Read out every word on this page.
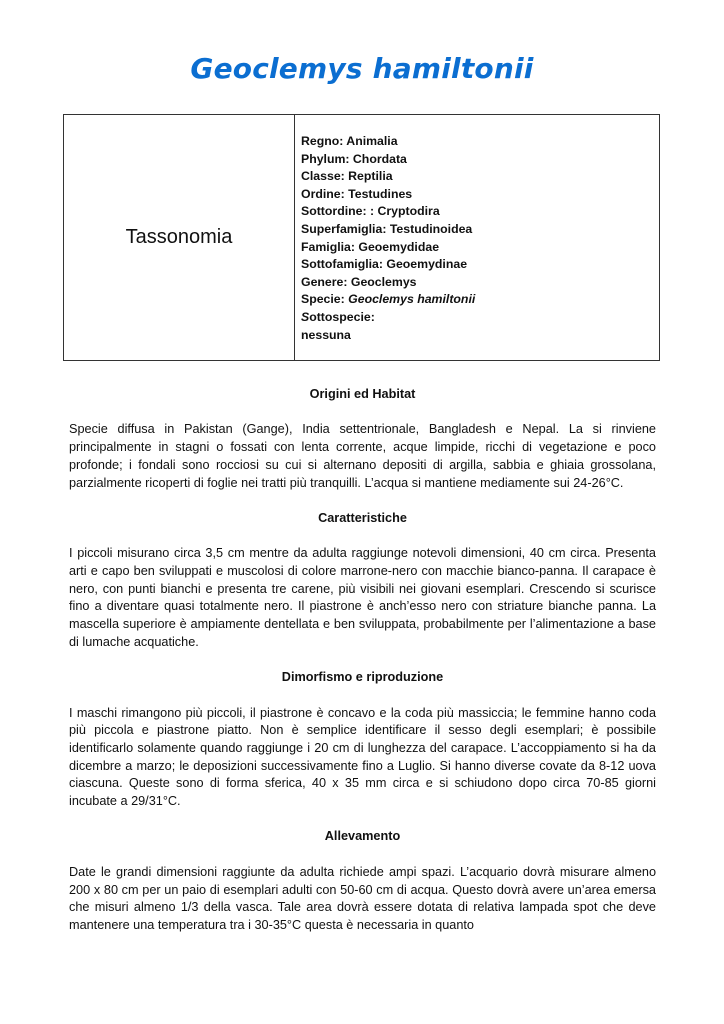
Geoclemys hamiltonii
Tassonomia
Regno: Animalia
Phylum: Chordata
Classe: Reptilia
Ordine: Testudines
Sottordine: : Cryptodira
Superfamiglia: Testudinoidea
Famiglia: Geoemydidae
Sottofamiglia: Geoemydinae
Genere: Geoclemys
Specie: Geoclemys hamiltonii
Sottospecie:
nessuna
Origini ed Habitat

Specie diffusa in Pakistan (Gange), India settentrionale, Bangladesh e Nepal. La si rinviene principalmente in stagni o fossati con lenta corrente, acque limpide, ricchi di vegetazione e poco profonde; i fondali sono rocciosi su cui si alternano depositi di argilla, sabbia e ghiaia grossolana, parzialmente ricoperti di foglie nei tratti più tranquilli. L’acqua si mantiene mediamente sui 24-26°C.

Caratteristiche

I piccoli misurano circa 3,5 cm mentre da adulta raggiunge notevoli dimensioni, 40 cm circa. Presenta arti e capo ben sviluppati e muscolosi di colore marrone-nero con macchie bianco-panna. Il carapace è nero, con punti bianchi e presenta tre carene, più visibili nei giovani esemplari. Crescendo si scurisce fino a diventare quasi totalmente nero. Il piastrone è anch’esso nero con striature bianche panna. La mascella superiore è ampiamente dentellata e ben sviluppata, probabilmente per l’alimentazione a base di lumache acquatiche.

Dimorfismo e riproduzione

I maschi rimangono più piccoli, il piastrone è concavo e la coda più massiccia; le femmine hanno coda più piccola e piastrone piatto. Non è semplice identificare il sesso degli esemplari; è possibile identificarlo solamente quando raggiunge i 20 cm di lunghezza del carapace. L’accoppiamento si ha da dicembre a marzo; le deposizioni successivamente fino a Luglio. Si hanno diverse covate da 8-12 uova ciascuna. Queste sono di forma sferica, 40 x 35 mm circa e si schiudono dopo circa 70-85 giorni incubate a 29/31°C.

Allevamento

Date le grandi dimensioni raggiunte da adulta richiede ampi spazi. L’acquario dovrà misurare almeno 200 x 80 cm per un paio di esemplari adulti con 50-60 cm di acqua. Questo dovrà avere un’area emersa che misuri almeno 1/3 della vasca. Tale area dovrà essere dotata di relativa lampada spot che deve mantenere una temperatura tra i 30-35°C questa è necessaria in quanto
